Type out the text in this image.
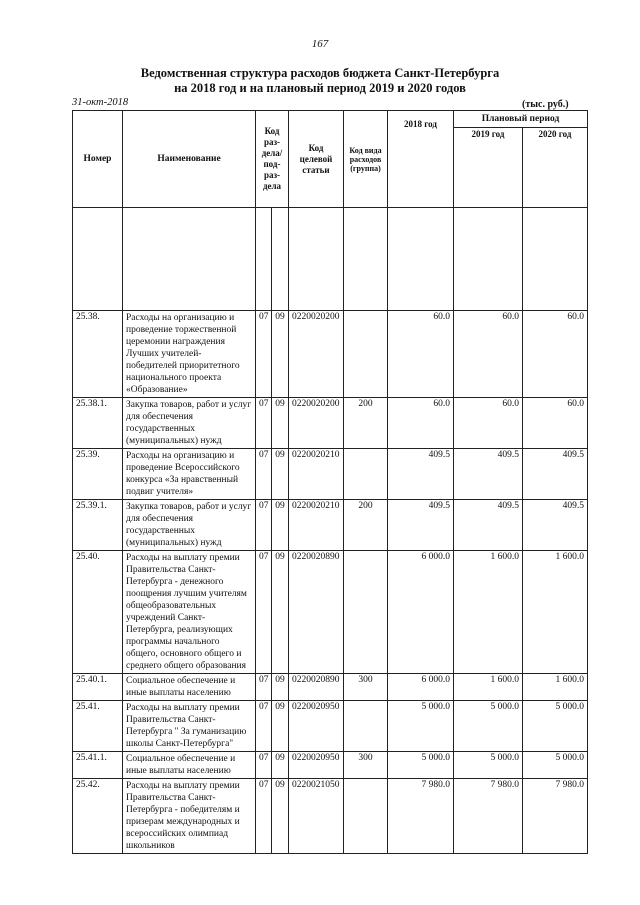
167
Ведомственная структура расходов бюджета Санкт-Петербурга
на 2018 год и на плановый период 2019 и 2020 годов
31-окт-2018	(тыс. руб.)
Номер	Наименование	Код раз-дела/ под-раз-дела		Код целевой статьи	Код вида расходов (группа)	2018 год	Плановый период	
							2019 год	2020 год

25.38.	Расходы на организацию и проведение торжественной церемонии награждения Лучших учителей-победителей приоритетного национального проекта «Образование»	07	09	0220020200		60.0	60.0	60.0
25.38.1.	Закупка товаров, работ и услуг для обеспечения государственных (муниципальных) нужд	07	09	0220020200	200	60.0	60.0	60.0
25.39.	Расходы на организацию и проведение Всероссийского конкурса «За нравственный подвиг учителя»	07	09	0220020210		409.5	409.5	409.5
25.39.1.	Закупка товаров, работ и услуг для обеспечения государственных (муниципальных) нужд	07	09	0220020210	200	409.5	409.5	409.5
25.40.	Расходы на выплату премии Правительства Санкт-Петербурга - денежного поощрения лучшим учителям общеобразовательных учреждений Санкт-Петербурга, реализующих программы начального общего, основного общего и среднего общего образования	07	09	0220020890		6 000.0	1 600.0	1 600.0
25.40.1.	Социальное обеспечение и иные выплаты населению	07	09	0220020890	300	6 000.0	1 600.0	1 600.0
25.41.	Расходы на выплату премии Правительства Санкт-Петербурга " За гуманизацию школы Санкт-Петербурга"	07	09	0220020950		5 000.0	5 000.0	5 000.0
25.41.1.	Социальное обеспечение и иные выплаты населению	07	09	0220020950	300	5 000.0	5 000.0	5 000.0
25.42.	Расходы на выплату премии Правительства Санкт-Петербурга - победителям и призерам международных и всероссийских олимпиад школьников	07	09	0220021050		7 980.0	7 980.0	7 980.0
